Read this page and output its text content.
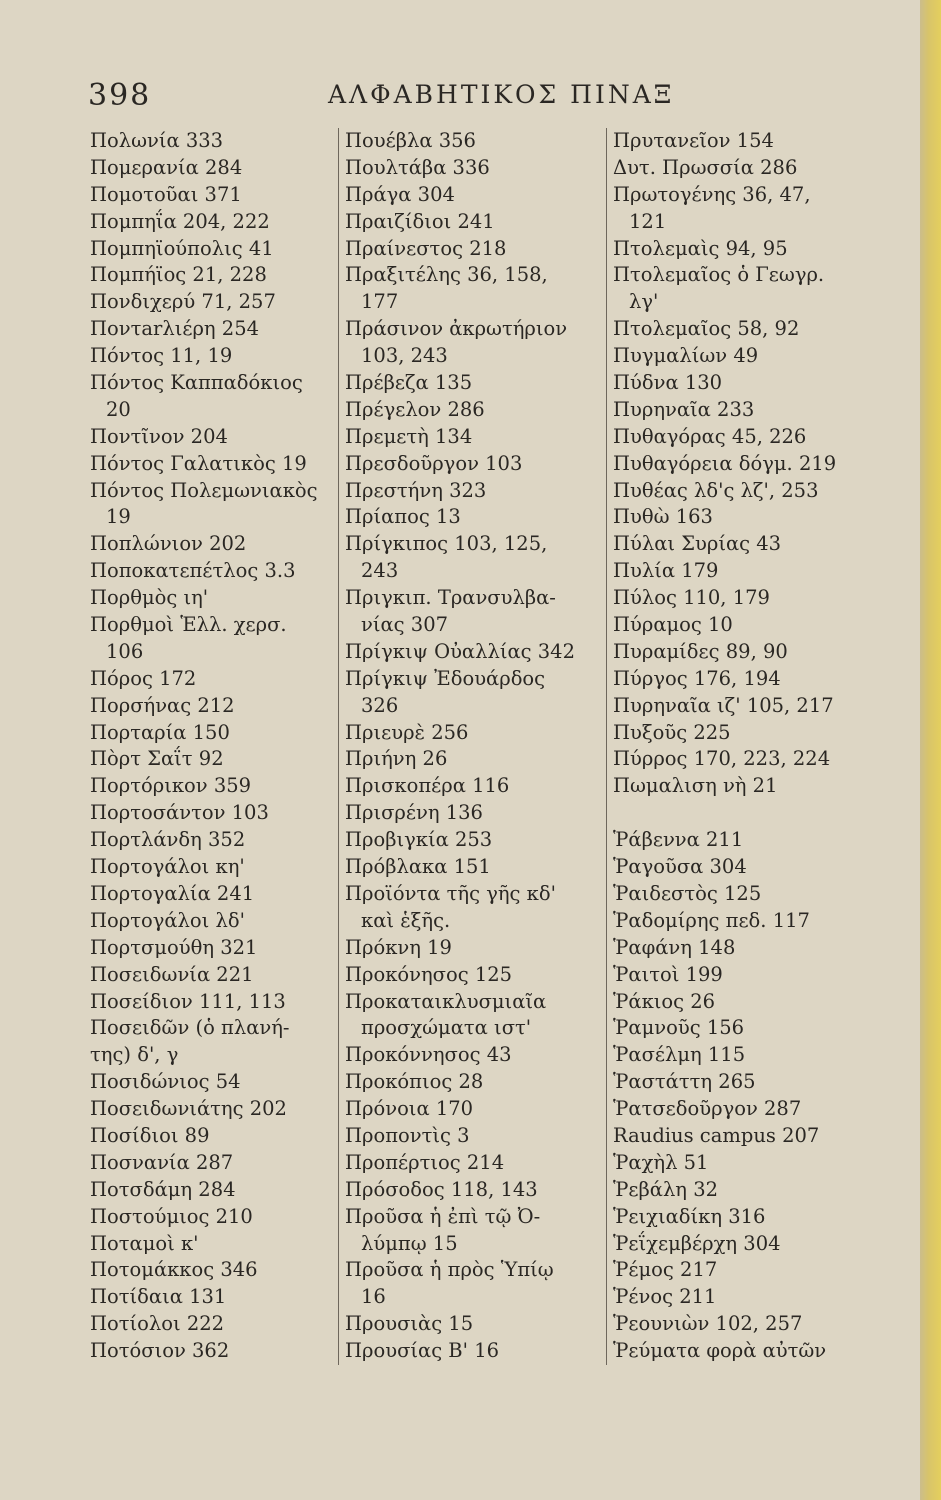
398	ΑΛΦΑΒΗΤΙΚΟΣ ΠΙΝΑΞ
Πολωνία 333
Πομερανία 284
Πομοτοῦαι 371
Πομπηΐα 204, 222
Πομπηϊούπολις 41
Πομπήϊος 21, 228
Πονδιχερύ 71, 257
Ποντarλιέρη 254
Πόντος 11, 19
Πόντος Καππαδόκιος
20
Ποντῖνον 204
Πόντος Γαλατικὸς 19
Πόντος Πολεμωνιακὸς
19
Ποπλώνιον 202
Ποποκατεπέτλος 3.3
Πορθμὸς ιη'
Πορθμοὶ Ἑλλ. χερσ.
106
Πόρος 172
Πορσήνας 212
Πορταρία 150
Πὸρτ Σαΐτ 92
Πορτόρικον 359
Πορτοσάντον 103
Πορτλάνδη 352
Πορτογάλοι κη'
Πορτογαλία 241
Πορτογάλοι λδ'
Πορτσμούθη 321
Ποσειδωνία 221
Ποσείδιον 111, 113
Ποσειδῶν (ὁ πλανή-
της) δ', γ
Ποσιδώνιος 54
Ποσειδωνιάτης 202
Ποσίδιοι 89
Ποσνανία 287
Ποτσδάμη 284
Ποστούμιος 210
Ποταμοὶ κ'
Ποτομάκκος 346
Ποτίδαια 131
Ποτίολοι 222
Ποτόσιον 362
Πουέβλα 356
Πουλτάβα 336
Πράγα 304
Πραιζίδιοι 241
Πραίνεστος 218
Πραξιτέλης 36, 158,
177
Πράσινον ἀκρωτήριον
103, 243
Πρέβεζα 135
Πρέγελον 286
Πρεμετὴ 134
Πρεσδοῦργον 103
Πρεστήνη 323
Πρίαπος 13
Πρίγκιπος 103, 125,
243
Πριγκιπ. Τρανσυλβα-
νίας 307
Πρίγκιψ Οὐαλλίας 342
Πρίγκιψ Ἐδουάρδος
326
Πριευρὲ 256
Πριήνη 26
Πρισκοπέρα 116
Πρισρένη 136
Προβιγκία 253
Πρόβλακα 151
Προϊόντα τῆς γῆς κδ'
καὶ ἑξῆς.
Πρόκνη 19
Προκόνησος 125
Προκαταικλυσμιαῖα
προσχώματα ιστ'
Προκόννησος 43
Προκόπιος 28
Πρόνοια 170
Προποντὶς 3
Προπέρτιος 214
Πρόσοδος 118, 143
Προῦσα ἡ ἐπὶ τῷ Ὀ-
λύμπῳ 15
Προῦσα ἡ πρὸς Ὑπίῳ
16
Προυσιὰς 15
Προυσίας Β' 16
Πρυτανεῖον 154
Δυτ. Πρωσσία 286
Πρωτογένης 36, 47,
121
Πτολεμαὶς 94, 95
Πτολεμαῖος ὁ Γεωγρ.
λγ'
Πτολεμαῖος 58, 92
Πυγμαλίων 49
Πύδνα 130
Πυρηναῖα 233
Πυθαγόρας 45, 226
Πυθαγόρεια δόγμ. 219
Πυθέας λδ'ς λζ', 253
Πυθὼ 163
Πύλαι Συρίας 43
Πυλία 179
Πύλος 110, 179
Πύραμος 10
Πυραμίδες 89, 90
Πύργος 176, 194
Πυρηναῖα ιζ' 105, 217
Πυξοῦς 225
Πύρρος 170, 223, 224
Πωμαλιση νὴ 21
Ῥάβεννα 211
Ῥαγοῦσα 304
Ῥαιδεστὸς 125
Ῥαδομίρης πεδ. 117
Ῥαφάνη 148
Ῥαιτοὶ 199
Ῥάκιος 26
Ῥαμνοῦς 156
Ῥασέλμη 115
Ῥαστάττη 265
Ῥατσεδοῦργον 287
Raudius campus 207
Ῥαχὴλ 51
Ῥεβάλη 32
Ῥειχιαδίκη 316
Ῥεΐχεμβέρχη 304
Ῥέμος 217
Ῥένος 211
Ῥεουνιὼν 102, 257
Ῥεύματα φορὰ αὐτῶν
